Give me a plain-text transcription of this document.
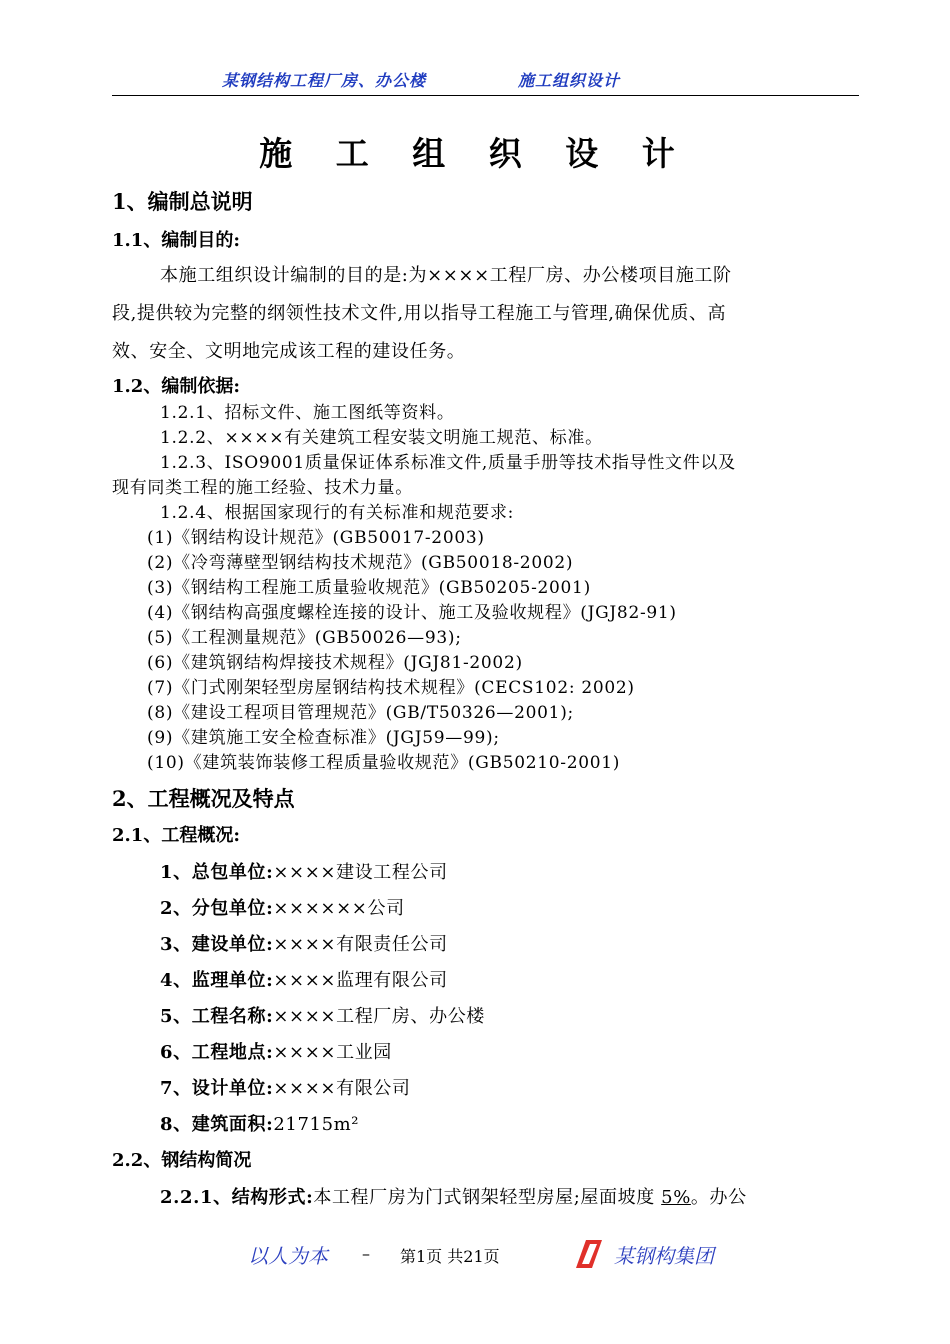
某钢结构工程厂房、办公楼	施工组织设计
施 工 组 织 设 计
1、编制总说明
1.1、编制目的:
本施工组织设计编制的目的是:为××××工程厂房、办公楼项目施工阶
段,提供较为完整的纲领性技术文件,用以指导工程施工与管理,确保优质、高
效、安全、文明地完成该工程的建设任务。
1.2、编制依据:
1.2.1、招标文件、施工图纸等资料。
1.2.2、××××有关建筑工程安装文明施工规范、标准。
1.2.3、ISO9001质量保证体系标准文件,质量手册等技术指导性文件以及
现有同类工程的施工经验、技术力量。
1.2.4、根据国家现行的有关标准和规范要求:
(1)《钢结构设计规范》(GB50017-2003)
(2)《冷弯薄壁型钢结构技术规范》(GB50018-2002)
(3)《钢结构工程施工质量验收规范》(GB50205-2001)
(4)《钢结构高强度螺栓连接的设计、施工及验收规程》(JGJ82-91)
(5)《工程测量规范》(GB50026—93);
(6)《建筑钢结构焊接技术规程》(JGJ81-2002)
(7)《门式刚架轻型房屋钢结构技术规程》(CECS102: 2002)
(8)《建设工程项目管理规范》(GB/T50326—2001);
(9)《建筑施工安全检查标准》(JGJ59—99);
(10)《建筑装饰装修工程质量验收规范》(GB50210-2001)
2、工程概况及特点
2.1、工程概况:
1、总包单位:××××建设工程公司
2、分包单位:××××××公司
3、建设单位:××××有限责任公司
4、监理单位:××××监理有限公司
5、工程名称:××××工程厂房、办公楼
6、工程地点:××××工业园
7、设计单位:××××有限公司
8、建筑面积:21715m²
2.2、钢结构简况
2.2.1、结构形式:本工程厂房为门式钢架轻型房屋;屋面坡度 5%。办公
以人为本 – 第1页 共21页	某钢构集团
